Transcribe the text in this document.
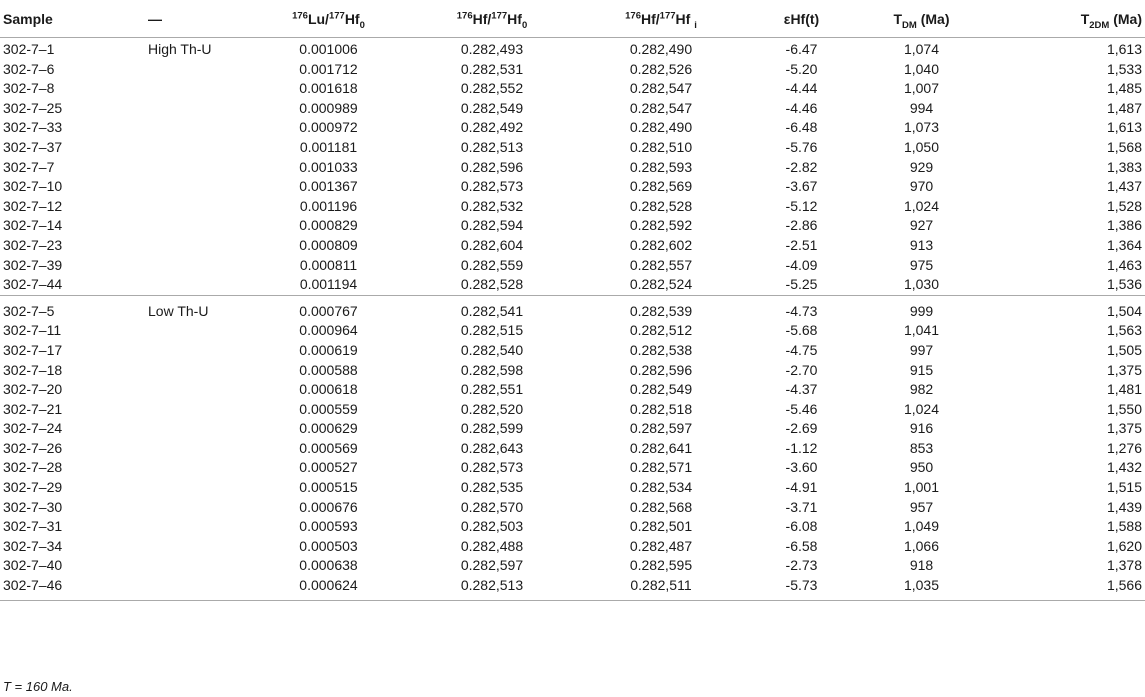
Sample	—	$^{176}Lu/^{177}Hf_0$	$^{176}Hf/^{177}Hf_0$	$^{176}$Hf/$^{177}$Hf $_i$	εHf(t)	$T_{DM}$ (Ma)	$T_{2DM}$ (Ma)
302-7–1	High Th-U	0.001006	0.282,493	0.282,490	-6.47	1,074	1,613
302-7–6		0.001712	0.282,531	0.282,526	-5.20	1,040	1,533
302-7–8		0.001618	0.282,552	0.282,547	-4.44	1,007	1,485
302-7–25		0.000989	0.282,549	0.282,547	-4.46	994	1,487
302-7–33		0.000972	0.282,492	0.282,490	-6.48	1,073	1,613
302-7–37		0.001181	0.282,513	0.282,510	-5.76	1,050	1,568
302-7–7		0.001033	0.282,596	0.282,593	-2.82	929	1,383
302-7–10		0.001367	0.282,573	0.282,569	-3.67	970	1,437
302-7–12		0.001196	0.282,532	0.282,528	-5.12	1,024	1,528
302-7–14		0.000829	0.282,594	0.282,592	-2.86	927	1,386
302-7–23		0.000809	0.282,604	0.282,602	-2.51	913	1,364
302-7–39		0.000811	0.282,559	0.282,557	-4.09	975	1,463
302-7–44		0.001194	0.282,528	0.282,524	-5.25	1,030	1,536
302-7–5	Low Th-U	0.000767	0.282,541	0.282,539	-4.73	999	1,504
302-7–11		0.000964	0.282,515	0.282,512	-5.68	1,041	1,563
302-7–17		0.000619	0.282,540	0.282,538	-4.75	997	1,505
302-7–18		0.000588	0.282,598	0.282,596	-2.70	915	1,375
302-7–20		0.000618	0.282,551	0.282,549	-4.37	982	1,481
302-7–21		0.000559	0.282,520	0.282,518	-5.46	1,024	1,550
302-7–24		0.000629	0.282,599	0.282,597	-2.69	916	1,375
302-7–26		0.000569	0.282,643	0.282,641	-1.12	853	1,276
302-7–28		0.000527	0.282,573	0.282,571	-3.60	950	1,432
302-7–29		0.000515	0.282,535	0.282,534	-4.91	1,001	1,515
302-7–30		0.000676	0.282,570	0.282,568	-3.71	957	1,439
302-7–31		0.000593	0.282,503	0.282,501	-6.08	1,049	1,588
302-7–34		0.000503	0.282,488	0.282,487	-6.58	1,066	1,620
302-7–40		0.000638	0.282,597	0.282,595	-2.73	918	1,378
302-7–46		0.000624	0.282,513	0.282,511	-5.73	1,035	1,566
T = 160 Ma.
